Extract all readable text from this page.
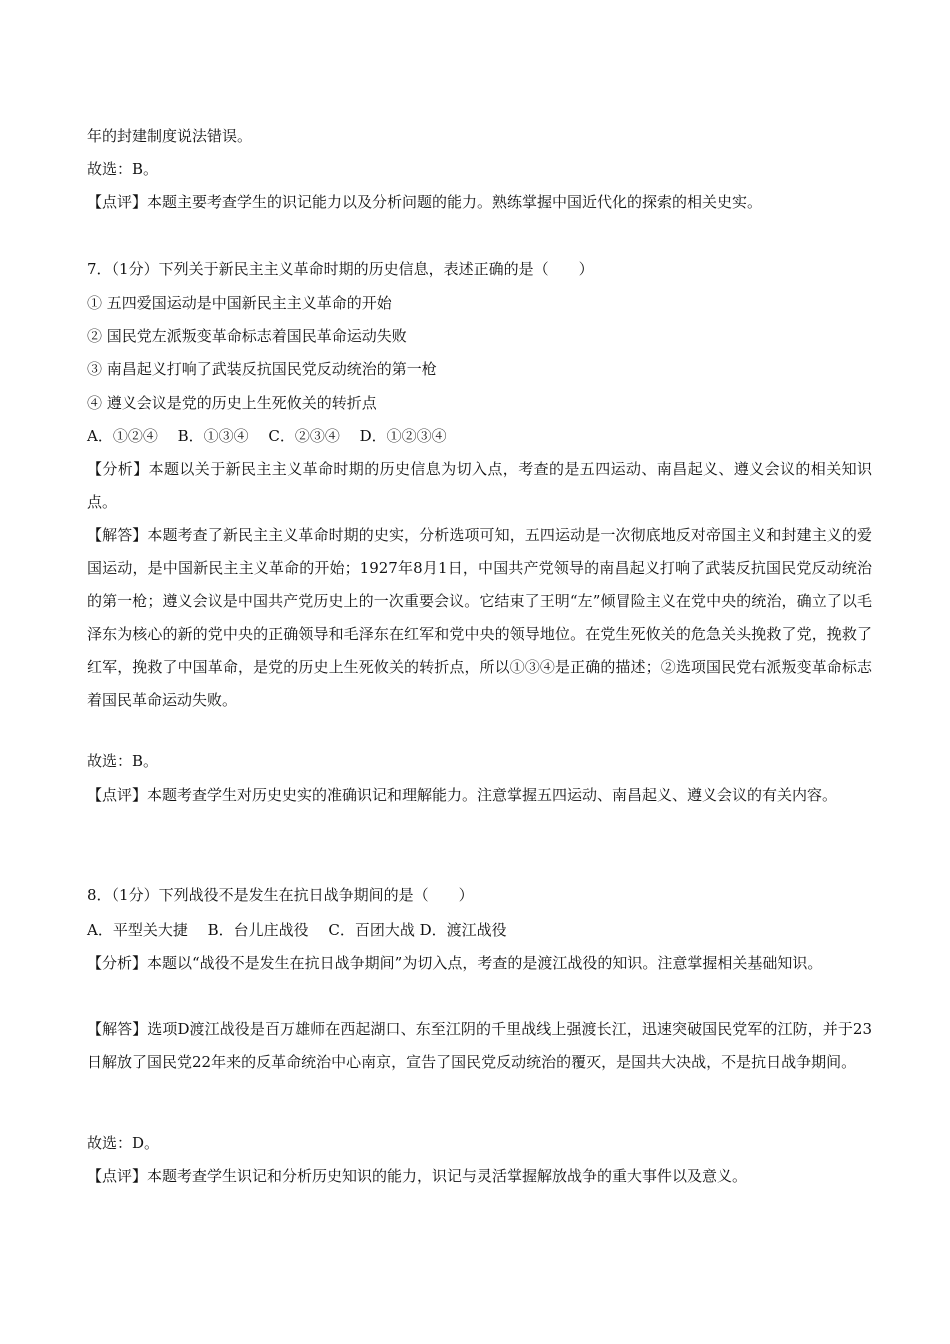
年的封建制度说法错误。
故选：B。
【点评】本题主要考查学生的识记能力以及分析问题的能力。熟练掌握中国近代化的探索的相关史实。
7．（1分）下列关于新民主主义革命时期的历史信息，表述正确的是（　　）
① 五四爱国运动是中国新民主主义革命的开始
② 国民党左派叛变革命标志着国民革命运动失败
③ 南昌起义打响了武装反抗国民党反动统治的第一枪
④ 遵义会议是党的历史上生死攸关的转折点
A．①②④　 B．①③④　 C．②③④　 D．①②③④
【分析】本题以关于新民主主义革命时期的历史信息为切入点，考查的是五四运动、南昌起义、遵义会议的相关知识点。
【解答】本题考查了新民主主义革命时期的史实，分析选项可知，五四运动是一次彻底地反对帝国主义和封建主义的爱国运动，是中国新民主主义革命的开始；1927年8月1日，中国共产党领导的南昌起义打响了武装反抗国民党反动统治的第一枪；遵义会议是中国共产党历史上的一次重要会议。它结束了王明“左”倾冒险主义在党中央的统治，确立了以毛泽东为核心的新的党中央的正确领导和毛泽东在红军和党中央的领导地位。在党生死攸关的危急关头挽救了党，挽救了红军，挽救了中国革命，是党的历史上生死攸关的转折点，所以①③④是正确的描述；②选项国民党右派叛变革命标志着国民革命运动失败。
故选：B。
【点评】本题考查学生对历史史实的准确识记和理解能力。注意掌握五四运动、南昌起义、遵义会议的有关内容。
8．（1分）下列战役不是发生在抗日战争期间的是（　　）
A．平型关大捷　 B．台儿庄战役　 C．百团大战 D．渡江战役
【分析】本题以“战役不是发生在抗日战争期间”为切入点，考查的是渡江战役的知识。注意掌握相关基础知识。
【解答】选项D渡江战役是百万雄师在西起湖口、东至江阴的千里战线上强渡长江，迅速突破国民党军的江防，并于23日解放了国民党22年来的反革命统治中心南京，宣告了国民党反动统治的覆灭，是国共大决战，不是抗日战争期间。
故选：D。
【点评】本题考查学生识记和分析历史知识的能力，识记与灵活掌握解放战争的重大事件以及意义。
